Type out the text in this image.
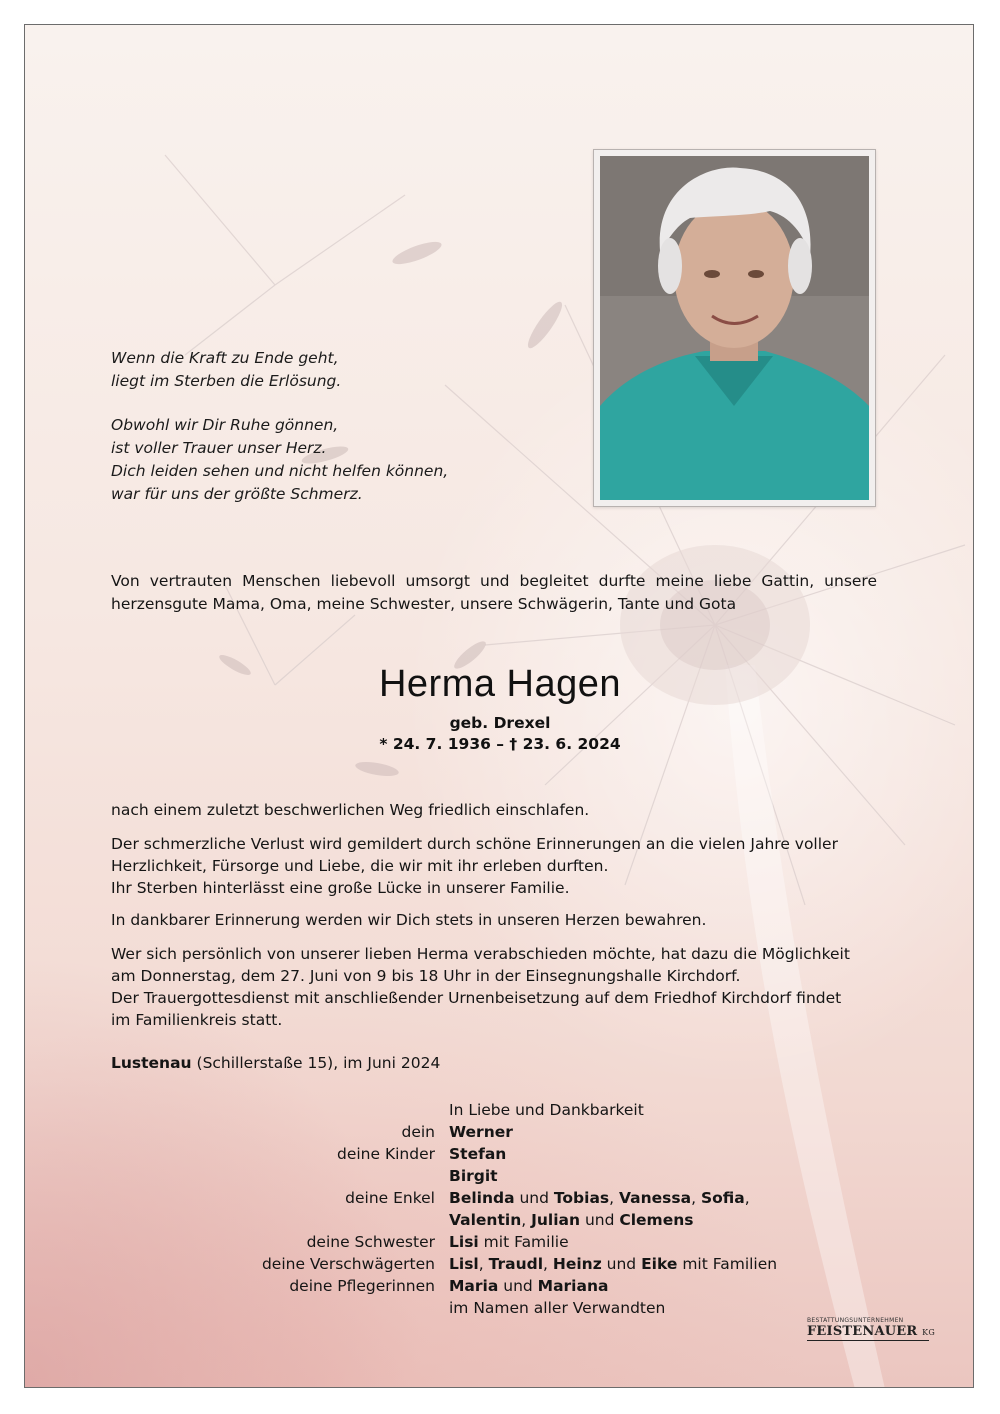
Wenn die Kraft zu Ende geht,
liegt im Sterben die Erlösung.
Obwohl wir Dir Ruhe gönnen,
ist voller Trauer unser Herz.
Dich leiden sehen und nicht helfen können,
war für uns der größte Schmerz.
Von vertrauten Menschen liebevoll umsorgt und begleitet durfte meine liebe Gattin, unsere herzensgute Mama, Oma, meine Schwester, unsere Schwägerin, Tante und Gota
Herma Hagen
geb. Drexel
* 24. 7. 1936 – † 23. 6. 2024
nach einem zuletzt beschwerlichen Weg friedlich einschlafen.
Der schmerzliche Verlust wird gemildert durch schöne Erinnerungen an die vielen Jahre voller
Herzlichkeit, Fürsorge und Liebe, die wir mit ihr erleben durften.
Ihr Sterben hinterlässt eine große Lücke in unserer Familie.
In dankbarer Erinnerung werden wir Dich stets in unseren Herzen bewahren.
Wer sich persönlich von unserer lieben Herma verabschieden möchte, hat dazu die Möglichkeit
am Donnerstag, dem 27. Juni von 9 bis 18 Uhr in der Einsegnungshalle Kirchdorf.
Der Trauergottesdienst mit anschließender Urnenbeisetzung auf dem Friedhof Kirchdorf findet
im Familienkreis statt.
Lustenau (Schillerstaße 15), im Juni 2024
In Liebe und Dankbarkeit
dein Werner
deine Kinder Stefan
Birgit
deine Enkel Belinda und Tobias, Vanessa, Sofia,
Valentin, Julian und Clemens
deine Schwester Lisi mit Familie
deine Verschwägerten Lisl, Traudl, Heinz und Eike mit Familien
deine Pflegerinnen Maria und Mariana
im Namen aller Verwandten
BESTATTUNGSUNTERNEHMEN
FEISTENAUER KG
